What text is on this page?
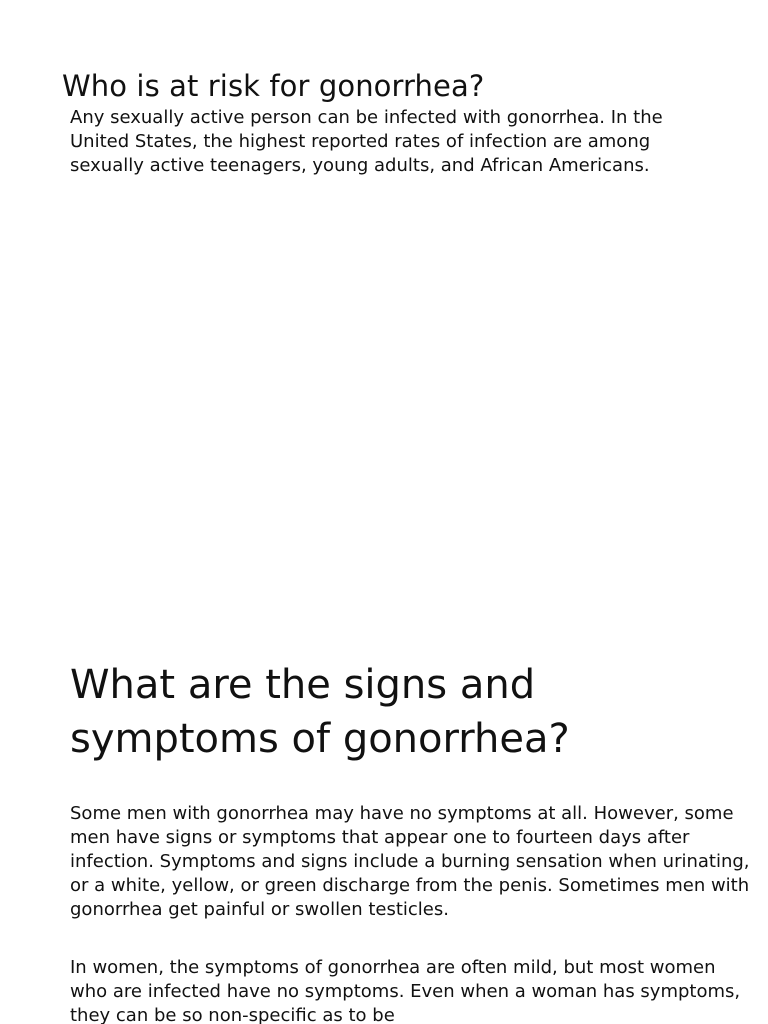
Who is at risk for gonorrhea?

Any sexually active person can be infected with gonorrhea. In the United States, the highest reported rates of infection are among sexually active teenagers, young adults, and African Americans.

What are the signs and symptoms of gonorrhea?

Some men with gonorrhea may have no symptoms at all. However, some men have signs or symptoms that appear one to fourteen days after infection. Symptoms and signs include a burning sensation when urinating, or a white, yellow, or green discharge from the penis. Sometimes men with gonorrhea get painful or swollen testicles.

In women, the symptoms of gonorrhea are often mild, but most women who are infected have no symptoms. Even when a woman has symptoms, they can be so non-specific as to be
